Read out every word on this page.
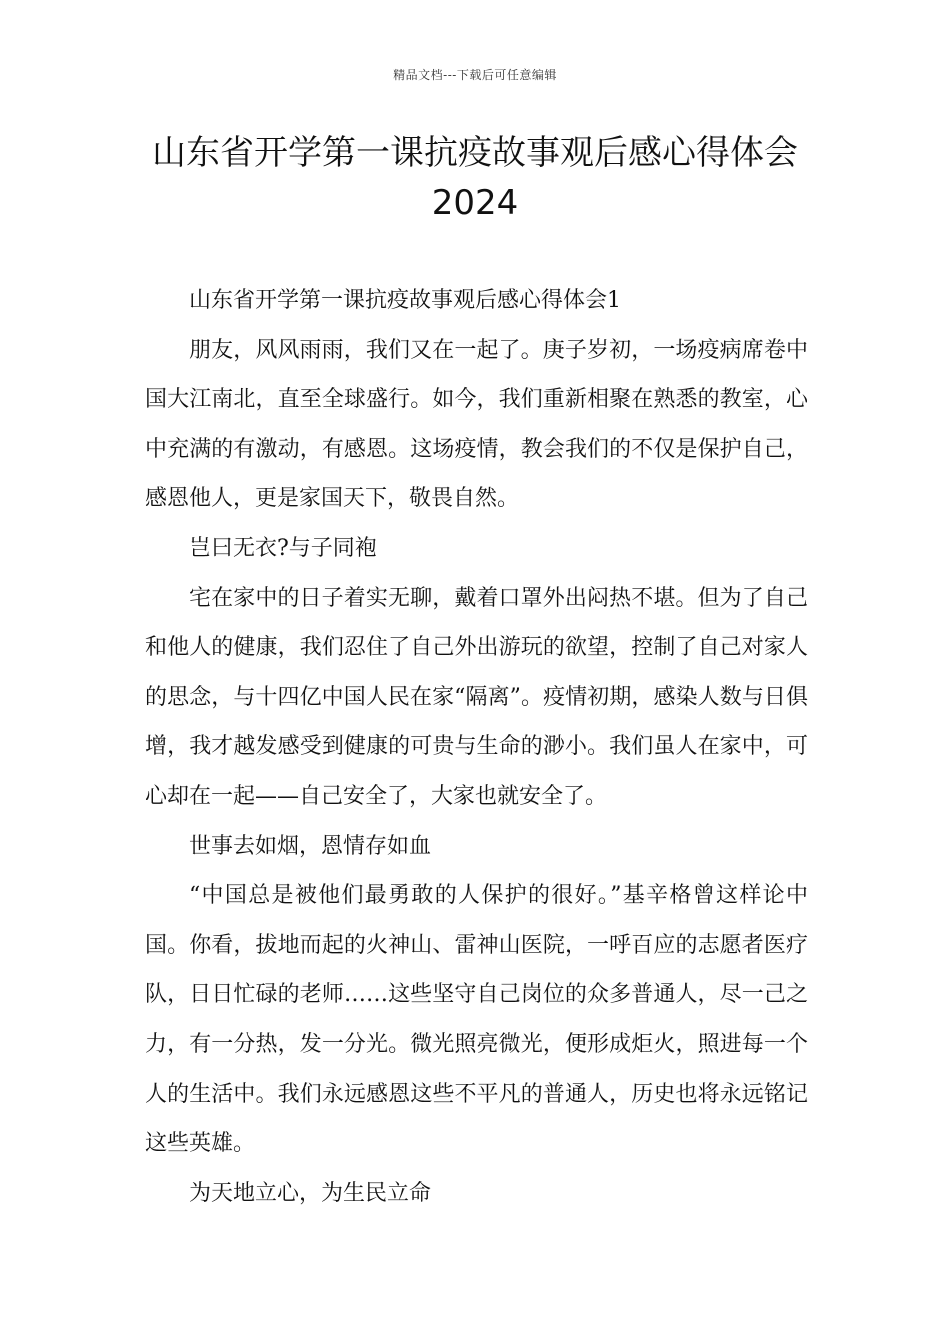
精品文档---下载后可任意编辑
山东省开学第一课抗疫故事观后感心得体会2024

山东省开学第一课抗疫故事观后感心得体会1

朋友，风风雨雨，我们又在一起了。庚子岁初，一场疫病席卷中国大江南北，直至全球盛行。如今，我们重新相聚在熟悉的教室，心中充满的有激动，有感恩。这场疫情，教会我们的不仅是保护自己，感恩他人，更是家国天下，敬畏自然。

岂曰无衣?与子同袍

宅在家中的日子着实无聊，戴着口罩外出闷热不堪。但为了自己和他人的健康，我们忍住了自己外出游玩的欲望，控制了自己对家人的思念，与十四亿中国人民在家“隔离”。疫情初期，感染人数与日俱增，我才越发感受到健康的可贵与生命的渺小。我们虽人在家中，可心却在一起——自己安全了，大家也就安全了。

世事去如烟，恩情存如血

“中国总是被他们最勇敢的人保护的很好。”基辛格曾这样论中国。你看，拔地而起的火神山、雷神山医院，一呼百应的志愿者医疗队，日日忙碌的老师……这些坚守自己岗位的众多普通人，尽一己之力，有一分热，发一分光。微光照亮微光，便形成炬火，照进每一个人的生活中。我们永远感恩这些不平凡的普通人，历史也将永远铭记这些英雄。

为天地立心，为生民立命
